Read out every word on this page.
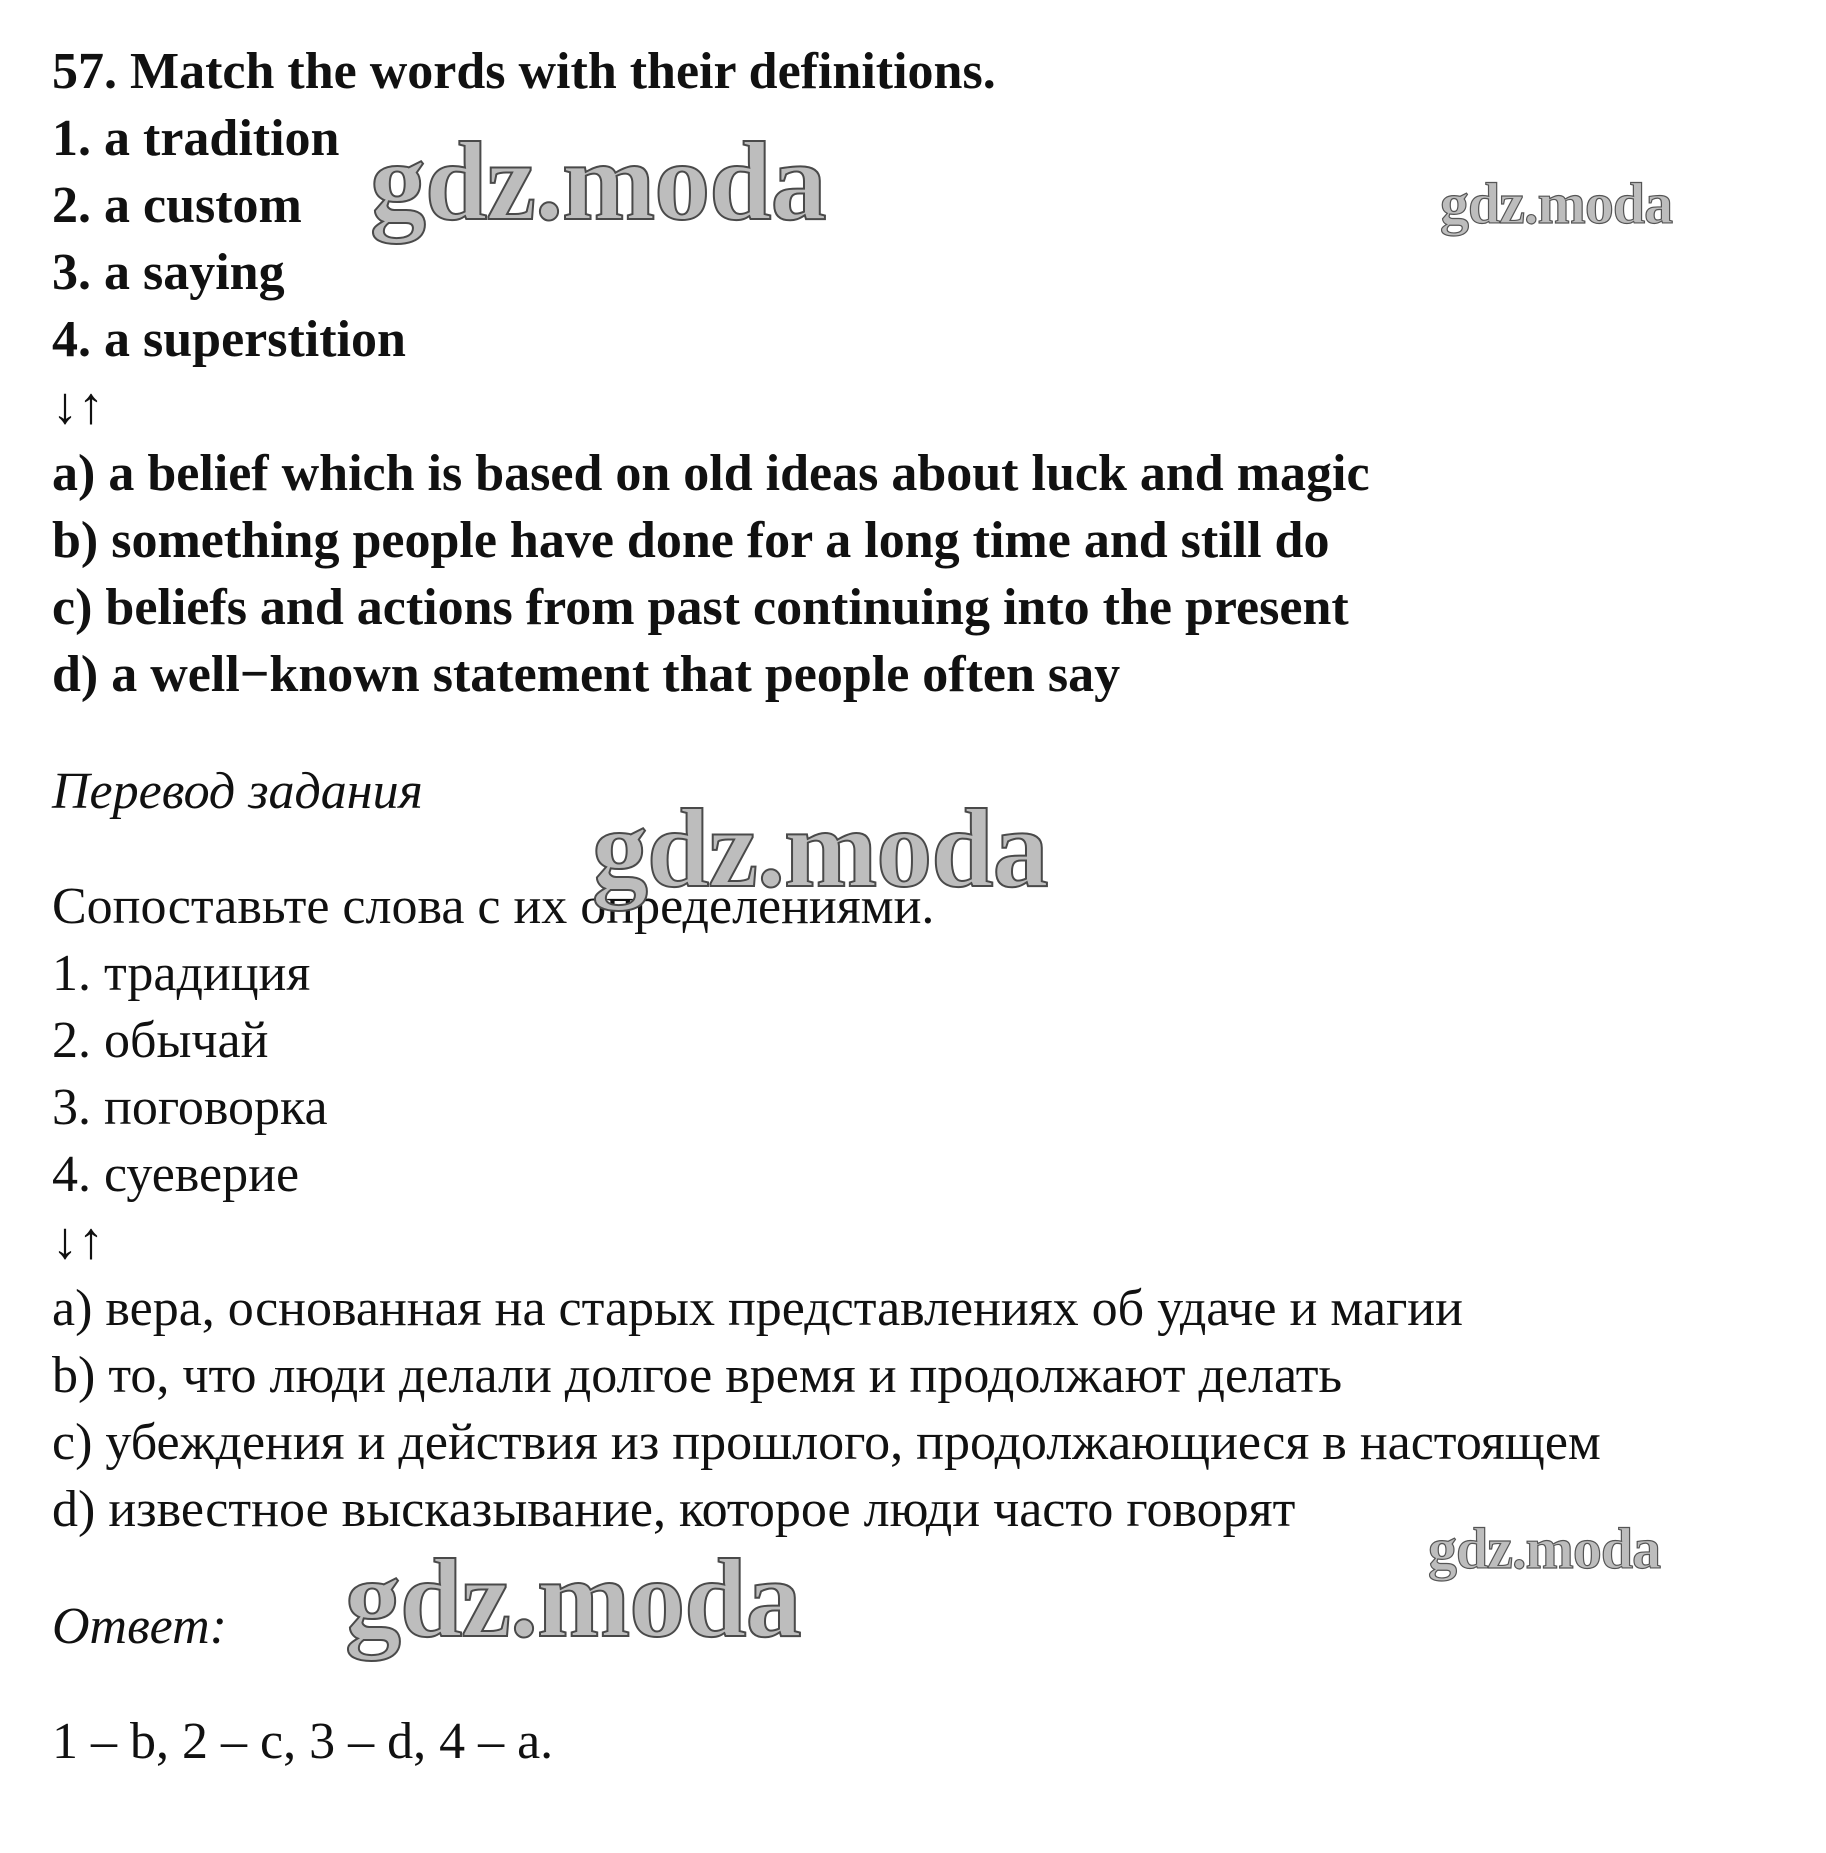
57. Match the words with their definitions.
1. a tradition
2. a custom
3. a saying
4. a superstition
↓↑
a) a belief which is based on old ideas about luck and magic
b) something people have done for a long time and still do
c) beliefs and actions from past continuing into the present
d) a well−known statement that people often say
Перевод задания
Сопоставьте слова с их определениями.
1. традиция
2. обычай
3. поговорка
4. суеверие
↓↑
a) вера, основанная на старых представлениях об удаче и магии
b) то, что люди делали долгое время и продолжают делать
c) убеждения и действия из прошлого, продолжающиеся в настоящем
d) известное высказывание, которое люди часто говорят
Ответ:
1 – b, 2 – c, 3 – d, 4 – a.
gdz.moda	gdz.moda
gdz.moda
gdz.moda
gdz.moda
